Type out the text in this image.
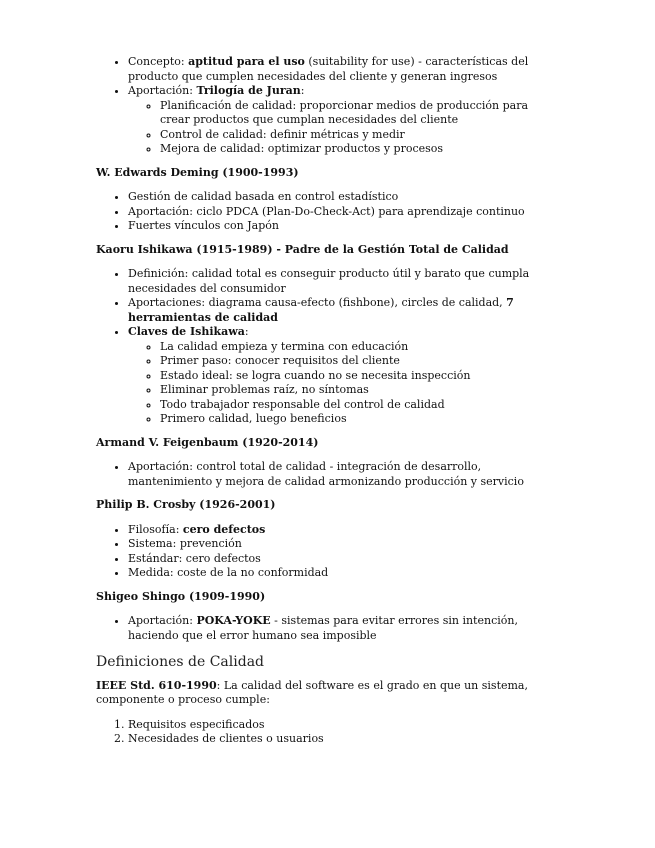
• Concepto: aptitud para el uso (suitability for use) - características del producto que cumplen necesidades del cliente y generan ingresos
• Aportación: Trilogía de Juran:
◦ Planificación de calidad: proporcionar medios de producción para crear productos que cumplan necesidades del cliente
◦ Control de calidad: definir métricas y medir
◦ Mejora de calidad: optimizar productos y procesos
W. Edwards Deming (1900-1993)
• Gestión de calidad basada en control estadístico
• Aportación: ciclo PDCA (Plan-Do-Check-Act) para aprendizaje continuo
• Fuertes vínculos con Japón
Kaoru Ishikawa (1915-1989) - Padre de la Gestión Total de Calidad
• Definición: calidad total es conseguir producto útil y barato que cumpla necesidades del consumidor
• Aportaciones: diagrama causa-efecto (fishbone), circles de calidad, 7 herramientas de calidad
• Claves de Ishikawa:
◦ La calidad empieza y termina con educación
◦ Primer paso: conocer requisitos del cliente
◦ Estado ideal: se logra cuando no se necesita inspección
◦ Eliminar problemas raíz, no síntomas
◦ Todo trabajador responsable del control de calidad
◦ Primero calidad, luego beneficios
Armand V. Feigenbaum (1920-2014)
• Aportación: control total de calidad - integración de desarrollo, mantenimiento y mejora de calidad armonizando producción y servicio
Philip B. Crosby (1926-2001)
• Filosofía: cero defectos
• Sistema: prevención
• Estándar: cero defectos
• Medida: coste de la no conformidad
Shigeo Shingo (1909-1990)
• Aportación: POKA-YOKE - sistemas para evitar errores sin intención, haciendo que el error humano sea imposible
Definiciones de Calidad

IEEE Std. 610-1990: La calidad del software es el grado en que un sistema, componente o proceso cumple:

1. Requisitos especificados
2. Necesidades de clientes o usuarios
